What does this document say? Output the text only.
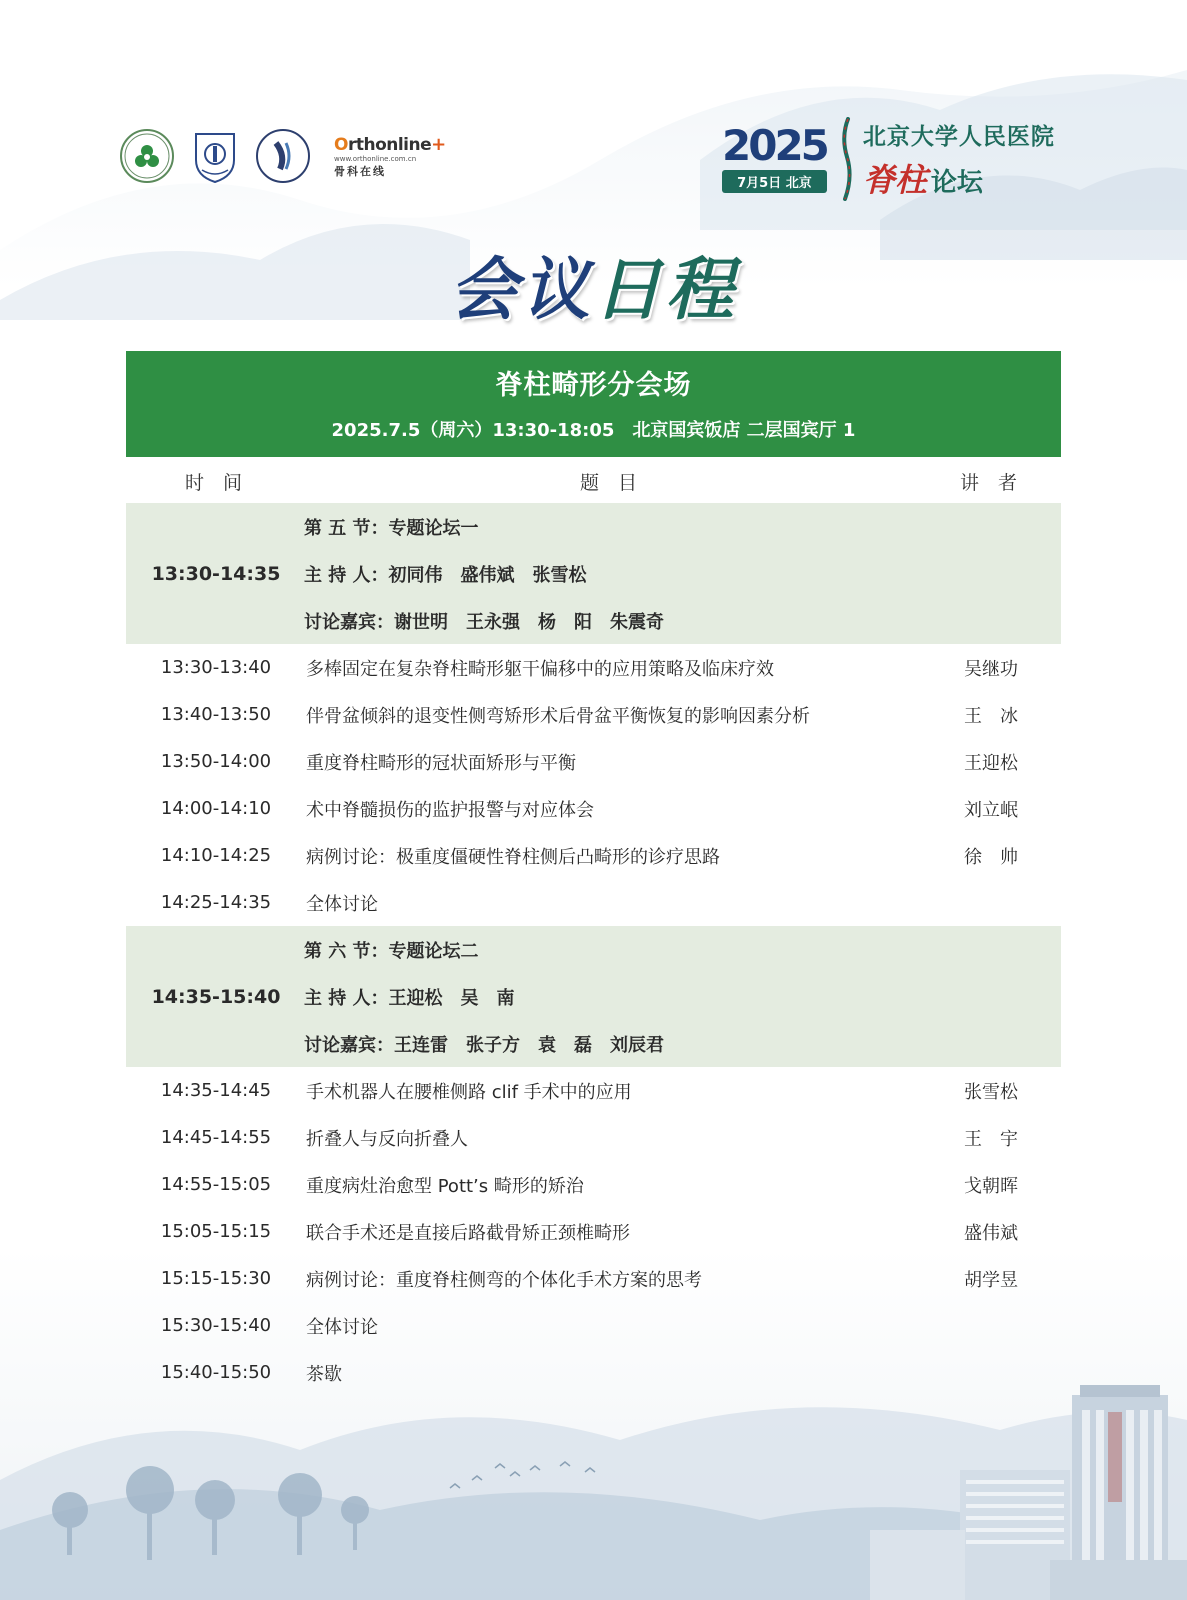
Orthonline+
www.orthonline.com.cn
骨科在线
2025
7月5日 北京
北京大学人民医院
脊柱 论坛
会议日程
脊柱畸形分会场
2025.7.5（周六）13:30-18:05　北京国宾饭店 二层国宾厅 1
时　间	题　目	讲　者
13:30-14:35
第 五 节：专题论坛一
主 持 人：初同伟　盛伟斌　张雪松
讨论嘉宾：谢世明　王永强　杨　阳　朱震奇
13:30-13:40	多棒固定在复杂脊柱畸形躯干偏移中的应用策略及临床疗效	吴继功
13:40-13:50	伴骨盆倾斜的退变性侧弯矫形术后骨盆平衡恢复的影响因素分析	王　冰
13:50-14:00	重度脊柱畸形的冠状面矫形与平衡	王迎松
14:00-14:10	术中脊髓损伤的监护报警与对应体会	刘立岷
14:10-14:25	病例讨论：极重度僵硬性脊柱侧后凸畸形的诊疗思路	徐　帅
14:25-14:35	全体讨论
14:35-15:40
第 六 节：专题论坛二
主 持 人：王迎松　吴　南
讨论嘉宾：王连雷　张子方　袁　磊　刘辰君
14:35-14:45	手术机器人在腰椎侧路 clif 手术中的应用	张雪松
14:45-14:55	折叠人与反向折叠人	王　宇
14:55-15:05	重度病灶治愈型 Pott’s 畸形的矫治	戈朝晖
15:05-15:15	联合手术还是直接后路截骨矫正颈椎畸形	盛伟斌
15:15-15:30	病例讨论：重度脊柱侧弯的个体化手术方案的思考	胡学昱
15:30-15:40	全体讨论
15:40-15:50	茶歇
